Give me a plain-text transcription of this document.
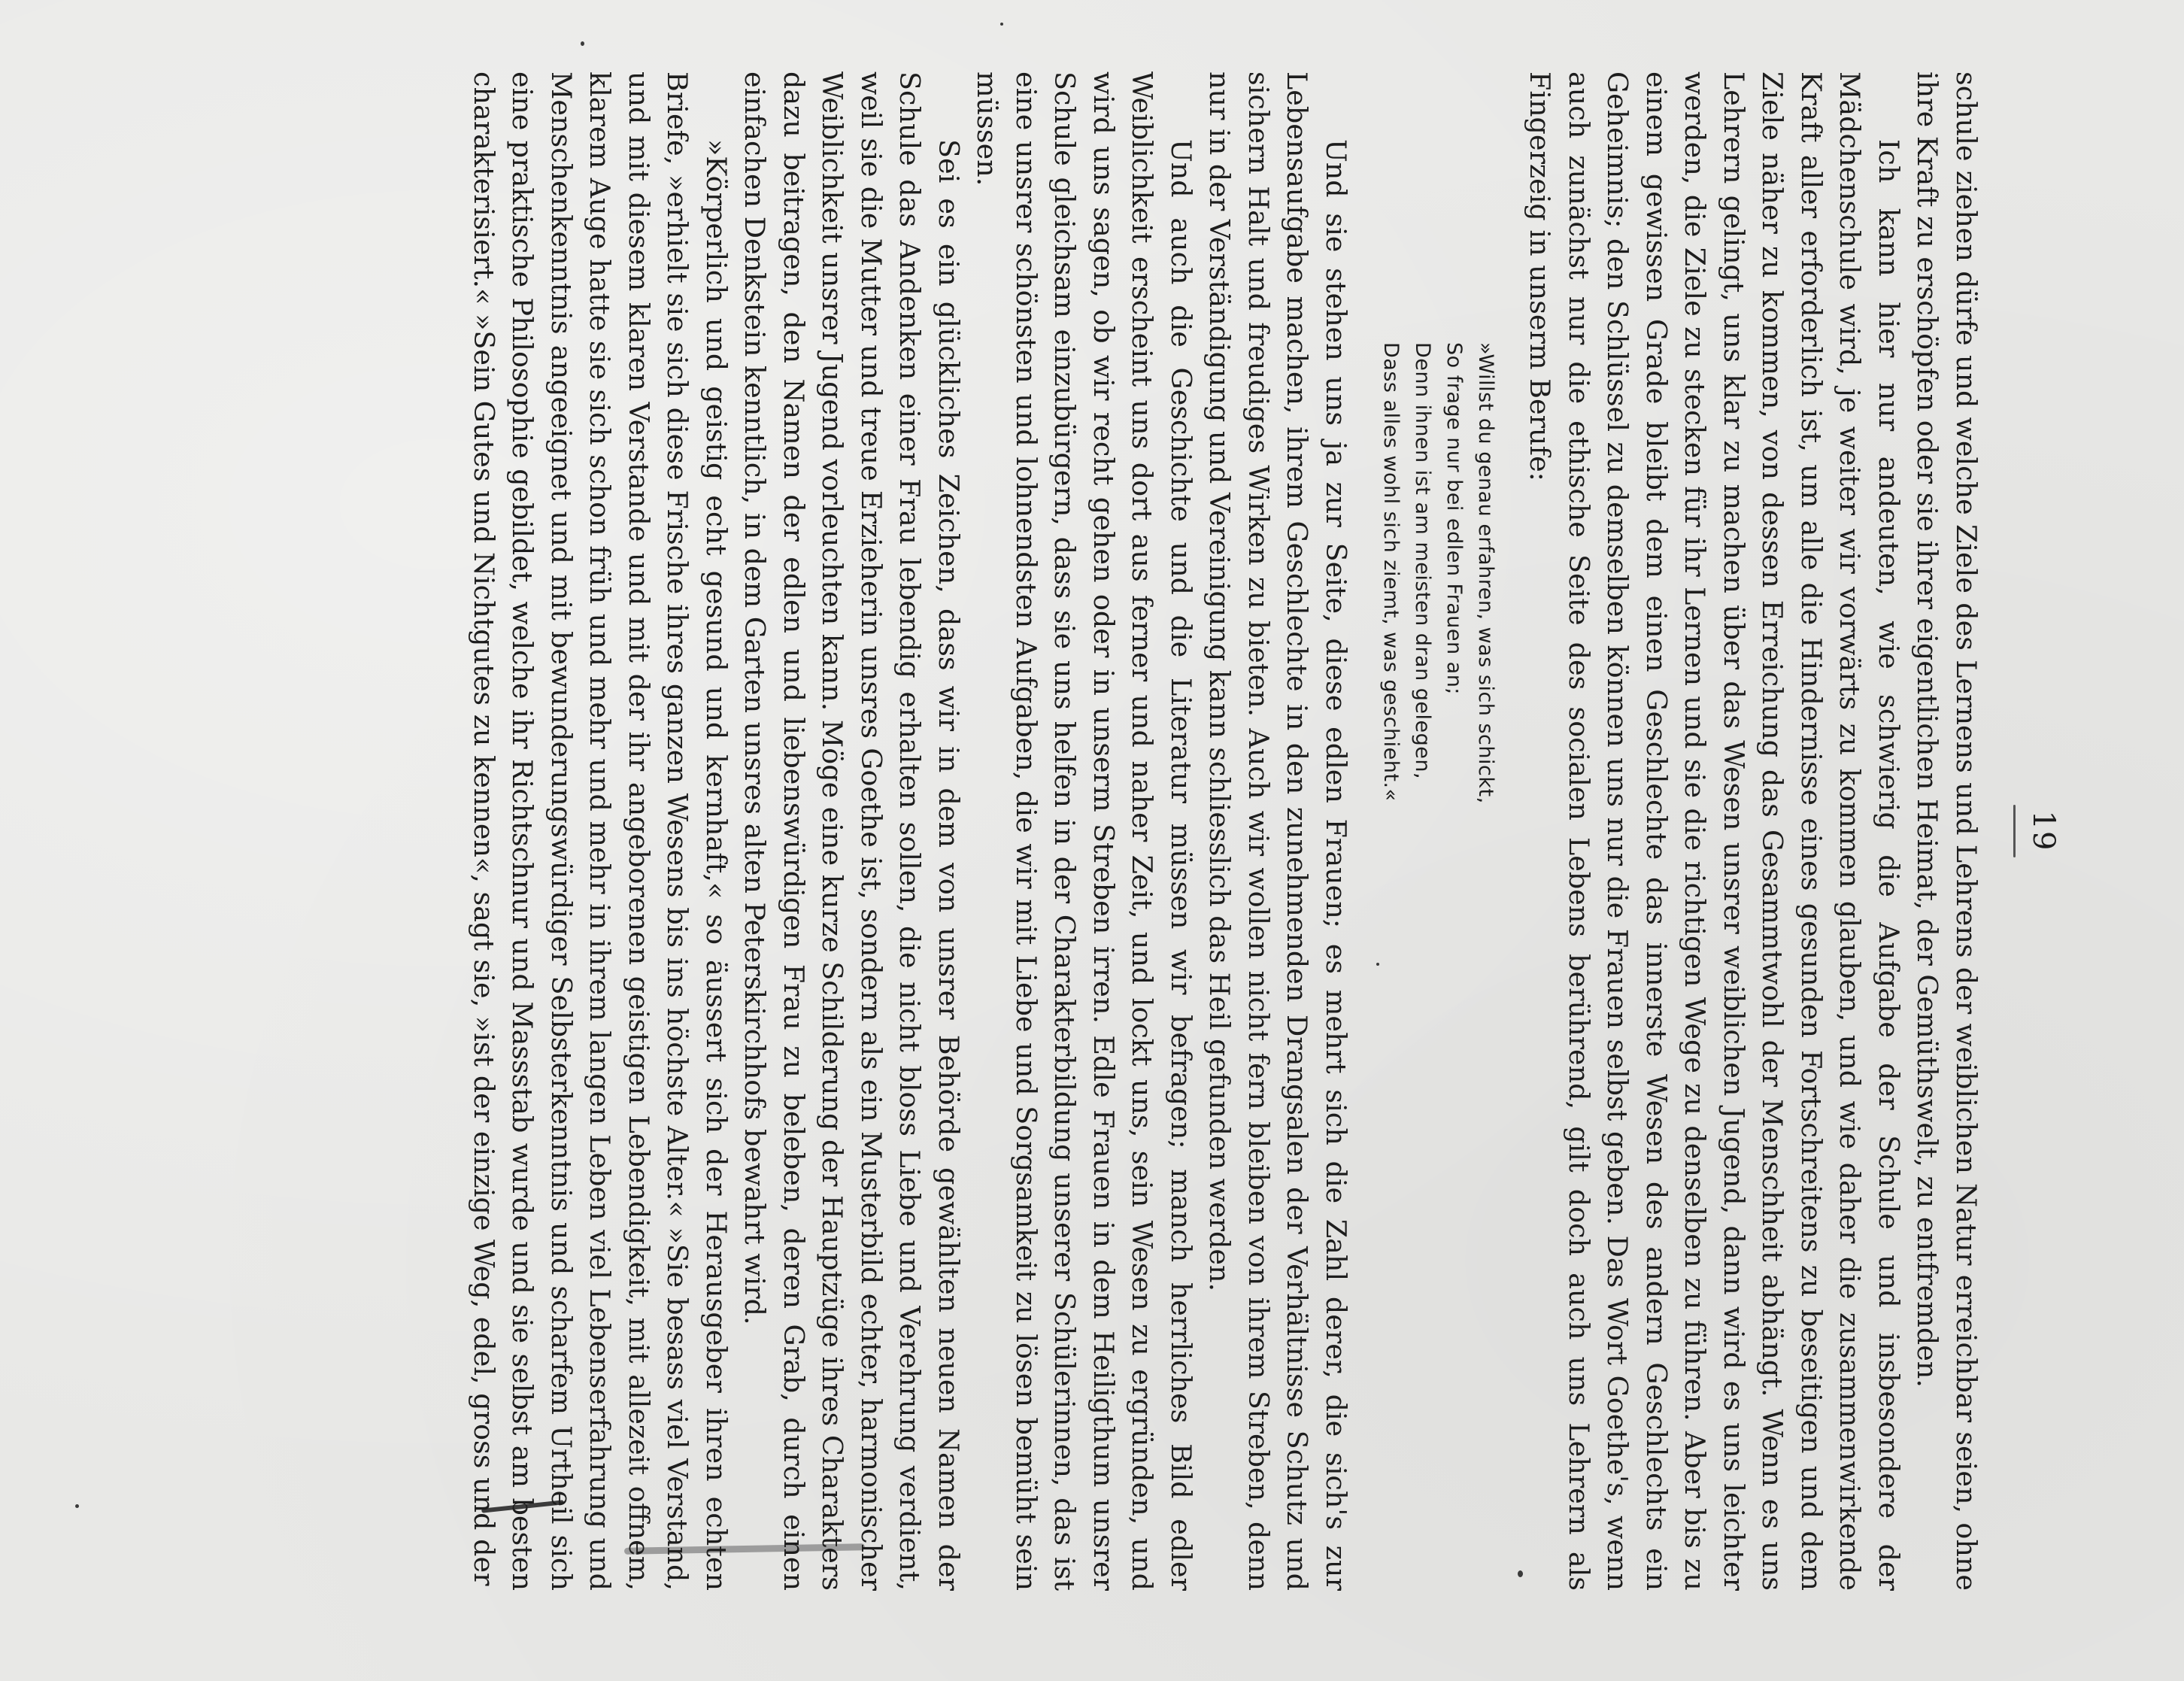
19

schule ziehen dürfe und welche Ziele des Lernens und Lehrens der weiblichen Natur erreichbar seien, ohne ihre Kraft zu erschöpfen oder sie ihrer eigentlichen Heimat, der Gemüthswelt, zu entfremden.

Ich kann hier nur andeuten, wie schwierig die Aufgabe der Schule und insbesondere der Mädchenschule wird, je weiter wir vorwärts zu kommen glauben, und wie daher die zusammenwirkende Kraft aller erforderlich ist, um alle die Hindernisse eines gesunden Fortschreitens zu beseitigen und dem Ziele näher zu kommen, von dessen Erreichung das Gesammtwohl der Menschheit abhängt. Wenn es uns Lehrern gelingt, uns klar zu machen über das Wesen unsrer weiblichen Jugend, dann wird es uns leichter werden, die Ziele zu stecken für ihr Lernen und sie die richtigen Wege zu denselben zu führen. Aber bis zu einem gewissen Grade bleibt dem einen Geschlechte das innerste Wesen des andern Geschlechts ein Geheimnis; den Schlüssel zu demselben können uns nur die Frauen selbst geben. Das Wort Goethe's, wenn auch zunächst nur die ethische Seite des socialen Lebens berührend, gilt doch auch uns Lehrern als Fingerzeig in unserm Berufe:

»Willst du genau erfahren, was sich schickt,
So frage nur bei edlen Frauen an;
Denn ihnen ist am meisten dran gelegen,
Dass alles wohl sich ziemt, was geschieht.«

Und sie stehen uns ja zur Seite, diese edlen Frauen; es mehrt sich die Zahl derer, die sich's zur Lebensaufgabe machen, ihrem Geschlechte in den zunehmenden Drangsalen der Verhältnisse Schutz und sichern Halt und freudiges Wirken zu bieten. Auch wir wollen nicht fern bleiben von ihrem Streben, denn nur in der Verständigung und Vereinigung kann schliesslich das Heil gefunden werden.

Und auch die Geschichte und die Literatur müssen wir befragen; manch herrliches Bild edler Weiblichkeit erscheint uns dort aus ferner und naher Zeit, und lockt uns, sein Wesen zu ergründen, und wird uns sagen, ob wir recht gehen oder in unserm Streben irren. Edle Frauen in dem Heiligthum unsrer Schule gleichsam einzubürgern, dass sie uns helfen in der Charakterbildung unserer Schülerinnen, das ist eine unsrer schönsten und lohnendsten Aufgaben, die wir mit Liebe und Sorgsamkeit zu lösen bemüht sein müssen.

Sei es ein glückliches Zeichen, dass wir in dem von unsrer Behörde gewählten neuen Namen der Schule das Andenken einer Frau lebendig erhalten sollen, die nicht bloss Liebe und Verehrung verdient, weil sie die Mutter und treue Erzieherin unsres Goethe ist, sondern als ein Musterbild echter, harmonischer Weiblichkeit unsrer Jugend vorleuchten kann. Möge eine kurze Schilderung der Hauptzüge ihres Charakters dazu beitragen, den Namen der edlen und liebenswürdigen Frau zu beleben, deren Grab, durch einen einfachen Denkstein kenntlich, in dem Garten unsres alten Peterskirchhofs bewahrt wird.

»Körperlich und geistig echt gesund und kernhaft,« so äussert sich der Herausgeber ihren echten Briefe, »erhielt sie sich diese Frische ihres ganzen Wesens bis ins höchste Alter.« »Sie besass viel Verstand, und mit diesem klaren Verstande und mit der ihr angeborenen geistigen Lebendigkeit, mit allezeit offnem, klarem Auge hatte sie sich schon früh und mehr und mehr in ihrem langen Leben viel Lebenserfahrung und Menschenkenntnis angeeignet und mit bewunderungswürdiger Selbsterkenntnis und scharfem Urtheil sich eine praktische Philosophie gebildet, welche ihr Richtschnur und Massstab wurde und sie selbst am besten charakterisiert.« »Sein Gutes und Nichtgutes zu kennen«, sagt sie, »ist der einzige Weg, edel, gross und der
